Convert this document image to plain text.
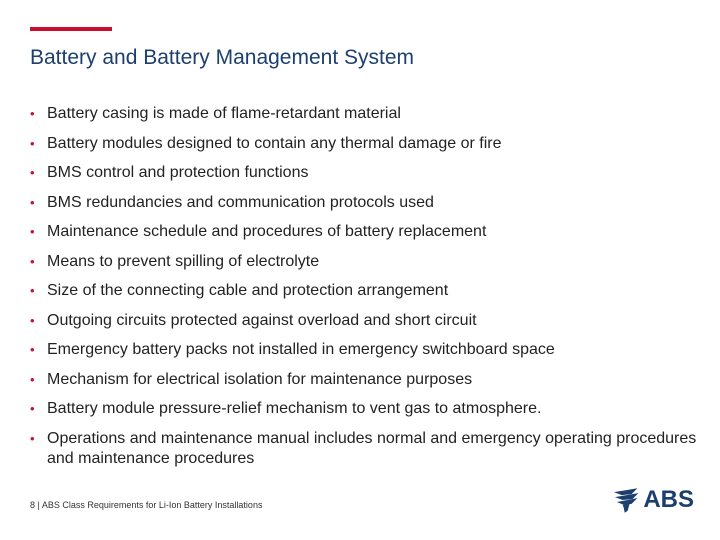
Battery and Battery Management System
• Battery casing is made of flame-retardant material
• Battery modules designed to contain any thermal damage or fire
• BMS control and protection functions
• BMS redundancies and communication protocols used
• Maintenance schedule and procedures of battery replacement
• Means to prevent spilling of electrolyte
• Size of the connecting cable and protection arrangement
• Outgoing circuits protected against overload and short circuit
• Emergency battery packs not installed in emergency switchboard space
• Mechanism for electrical isolation for maintenance purposes
• Battery module pressure-relief mechanism to vent gas to atmosphere.
• Operations and maintenance manual includes normal and emergency operating procedures and maintenance procedures
8 | ABS Class Requirements for Li-Ion Battery Installations	ABS
